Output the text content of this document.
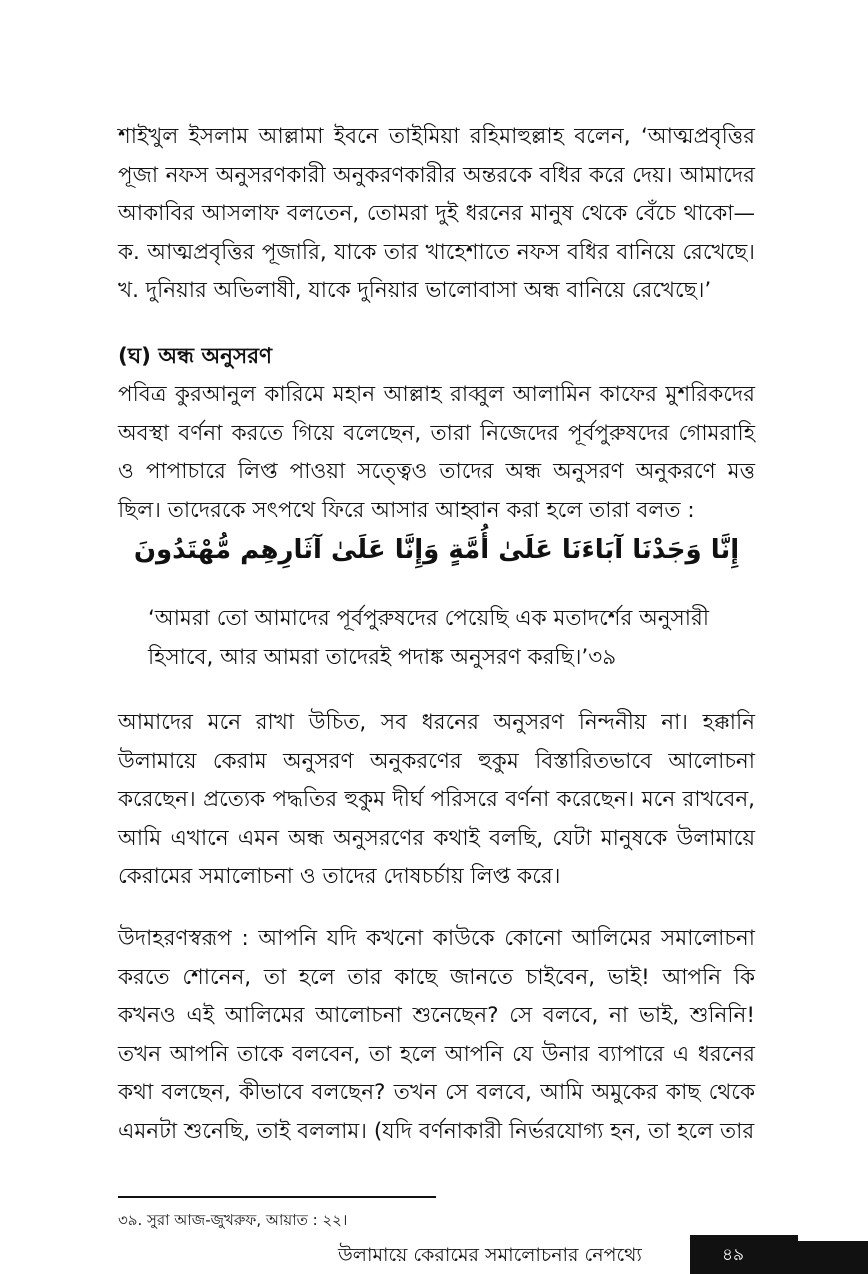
শাইখুল ইসলাম আল্লামা ইবনে তাইমিয়া রহিমাহুল্লাহ বলেন, ‘আত্মপ্রবৃত্তির পূজা নফস অনুসরণকারী অনুকরণকারীর অন্তরকে বধির করে দেয়। আমাদের আকাবির আসলাফ বলতেন, তোমরা দুই ধরনের মানুষ থেকে বেঁচে থাকো— ক. আত্মপ্রবৃত্তির পূজারি, যাকে তার খাহেশাতে নফস বধির বানিয়ে রেখেছে। খ. দুনিয়ার অভিলাষী, যাকে দুনিয়ার ভালোবাসা অন্ধ বানিয়ে রেখেছে।’

(ঘ) অন্ধ অনুসরণ

পবিত্র কুরআনুল কারিমে মহান আল্লাহ রাব্বুল আলামিন কাফের মুশরিকদের অবস্থা বর্ণনা করতে গিয়ে বলেছেন, তারা নিজেদের পূর্বপুরুষদের গোমরাহি ও পাপাচারে লিপ্ত পাওয়া সত্ত্বেও তাদের অন্ধ অনুসরণ অনুকরণে মত্ত ছিল। তাদেরকে সৎপথে ফিরে আসার আহ্বান করা হলে তারা বলত :

إِنَّا وَجَدْنَا آبَاءَنَا عَلَىٰ أُمَّةٍ وَإِنَّا عَلَىٰ آثَارِهِم مُّهْتَدُونَ

‘আমরা তো আমাদের পূর্বপুরুষদের পেয়েছি এক মতাদর্শের অনুসারী হিসাবে, আর আমরা তাদেরই পদাঙ্ক অনুসরণ করছি।’৩৯

আমাদের মনে রাখা উচিত, সব ধরনের অনুসরণ নিন্দনীয় না। হক্কানি উলামায়ে কেরাম অনুসরণ অনুকরণের হুকুম বিস্তারিতভাবে আলোচনা করেছেন। প্রত্যেক পদ্ধতির হুকুম দীর্ঘ পরিসরে বর্ণনা করেছেন। মনে রাখবেন, আমি এখানে এমন অন্ধ অনুসরণের কথাই বলছি, যেটা মানুষকে উলামায়ে কেরামের সমালোচনা ও তাদের দোষচর্চায় লিপ্ত করে।

উদাহরণস্বরূপ : আপনি যদি কখনো কাউকে কোনো আলিমের সমালোচনা করতে শোনেন, তা হলে তার কাছে জানতে চাইবেন, ভাই! আপনি কি কখনও এই আলিমের আলোচনা শুনেছেন? সে বলবে, না ভাই, শুনিনি! তখন আপনি তাকে বলবেন, তা হলে আপনি যে উনার ব্যাপারে এ ধরনের কথা বলছেন, কীভাবে বলছেন? তখন সে বলবে, আমি অমুকের কাছ থেকে এমনটা শুনেছি, তাই বললাম। (যদি বর্ণনাকারী নির্ভরযোগ্য হন, তা হলে তার

৩৯. সুরা আজ-জুখরুফ, আয়াত : ২২।

উলামায়ে কেরামের সমালোচনার নেপথ্যে	৪৯
